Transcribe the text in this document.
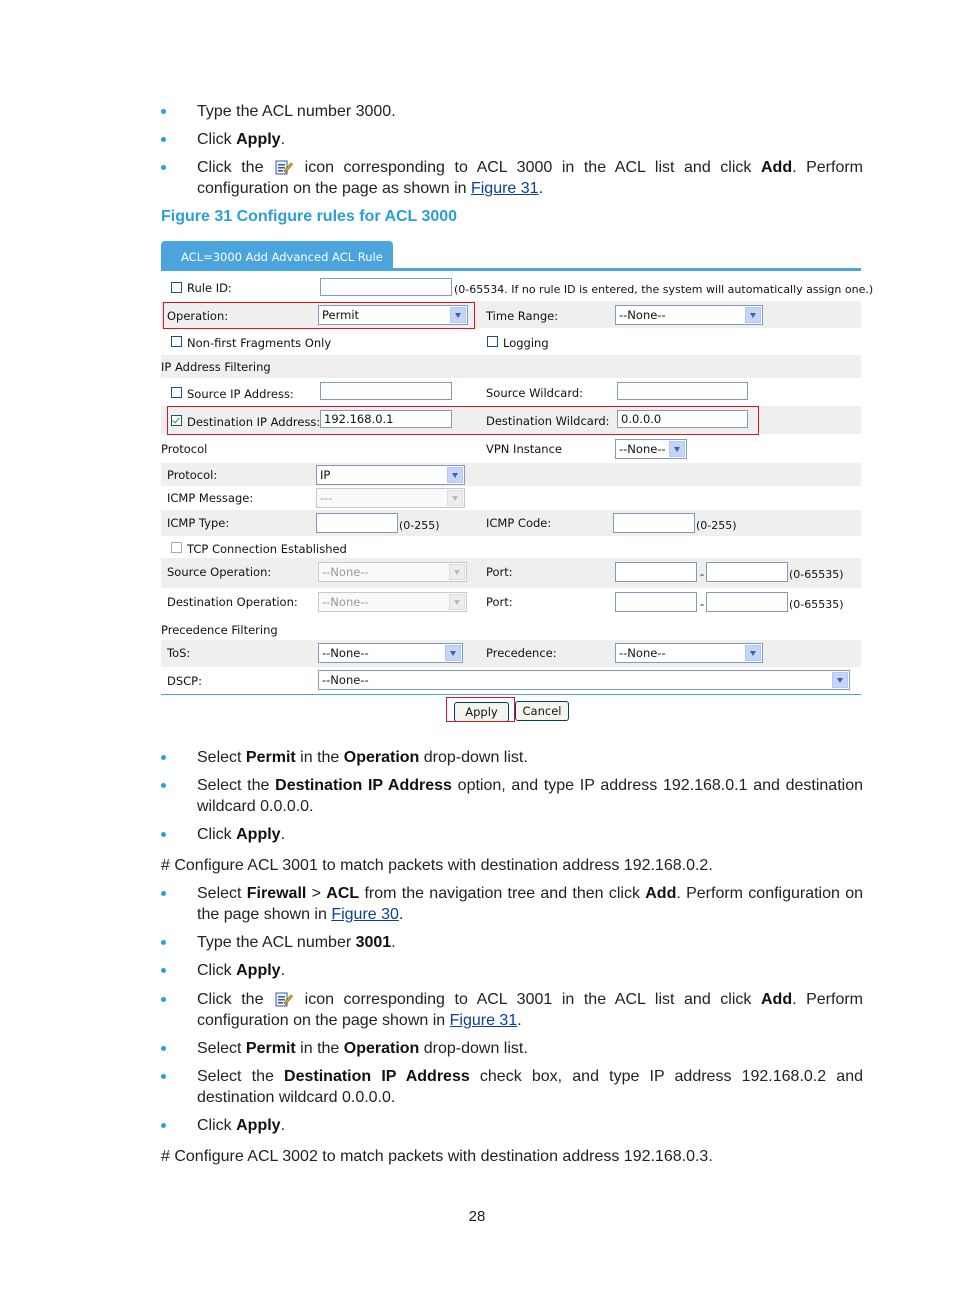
Type the ACL number 3000.
Click Apply.
Click the  icon corresponding to ACL 3000 in the ACL list and click Add. Perform configuration on the page as shown in Figure 31.
Figure 31 Configure rules for ACL 3000
ACL=3000 Add Advanced ACL Rule
Rule ID:	(0-65534. If no rule ID is entered, the system will automatically assign one.)
Operation:	Permit	Time Range:	--None--
Non-first Fragments Only	Logging
IP Address Filtering
Source IP Address:	Source Wildcard:
Destination IP Address: 192.168.0.1	Destination Wildcard: 0.0.0.0
Protocol	VPN Instance	--None--
Protocol:	IP
ICMP Message:	---
ICMP Type:	(0-255)	ICMP Code:	(0-255)
TCP Connection Established
Source Operation:	--None--	Port:	-	(0-65535)
Destination Operation:	--None--	Port:	-	(0-65535)
Precedence Filtering
ToS:	--None--	Precedence:	--None--
DSCP:	--None--
Apply	Cancel
Select Permit in the Operation drop-down list.
Select the Destination IP Address option, and type IP address 192.168.0.1 and destination wildcard 0.0.0.0.
Click Apply.
# Configure ACL 3001 to match packets with destination address 192.168.0.2.
Select Firewall > ACL from the navigation tree and then click Add. Perform configuration on the page shown in Figure 30.
Type the ACL number 3001.
Click Apply.
Click the  icon corresponding to ACL 3001 in the ACL list and click Add. Perform configuration on the page shown in Figure 31.
Select Permit in the Operation drop-down list.
Select the Destination IP Address check box, and type IP address 192.168.0.2 and destination wildcard 0.0.0.0.
Click Apply.
# Configure ACL 3002 to match packets with destination address 192.168.0.3.
28
